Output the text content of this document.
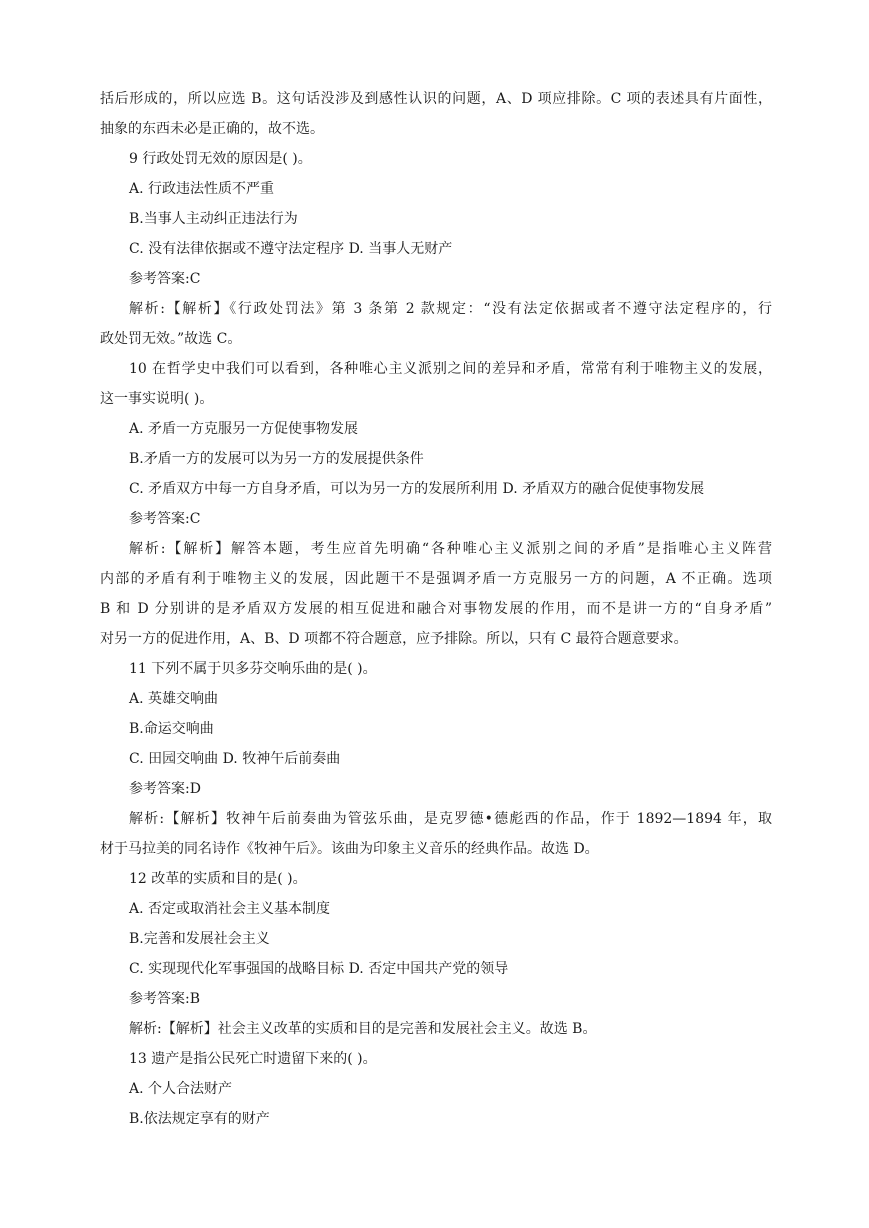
括后形成的，所以应选 B。这句话没涉及到感性认识的问题，A、D 项应排除。C 项的表述具有片面性，
抽象的东西未必是正确的，故不选。
9 行政处罚无效的原因是( )。
A. 行政违法性质不严重
B.当事人主动纠正违法行为
C. 没有法律依据或不遵守法定程序 D. 当事人无财产
参考答案:C
解析:【解析】《行政处罚法》第 3 条第 2 款规定：“没有法定依据或者不遵守法定程序的，行
政处罚无效。”故选 C。
10 在哲学史中我们可以看到，各种唯心主义派别之间的差异和矛盾，常常有利于唯物主义的发展，
这一事实说明( )。
A. 矛盾一方克服另一方促使事物发展
B.矛盾一方的发展可以为另一方的发展提供条件
C. 矛盾双方中每一方自身矛盾，可以为另一方的发展所利用 D. 矛盾双方的融合促使事物发展
参考答案:C
解析:【解析】解答本题，考生应首先明确“各种唯心主义派别之间的矛盾”是指唯心主义阵营
内部的矛盾有利于唯物主义的发展，因此题干不是强调矛盾一方克服另一方的问题，A 不正确。选项
B 和 D 分别讲的是矛盾双方发展的相互促进和融合对事物发展的作用，而不是讲一方的“自身矛盾”
对另一方的促进作用，A、B、D 项都不符合题意，应予排除。所以，只有 C 最符合题意要求。
11 下列不属于贝多芬交响乐曲的是( )。
A. 英雄交响曲
B.命运交响曲
C. 田园交响曲 D. 牧神午后前奏曲
参考答案:D
解析:【解析】牧神午后前奏曲为管弦乐曲，是克罗德•德彪西的作品，作于 1892—1894 年，取
材于马拉美的同名诗作《牧神午后》。该曲为印象主义音乐的经典作品。故选 D。
12 改革的实质和目的是( )。
A. 否定或取消社会主义基本制度
B.完善和发展社会主义
C. 实现现代化军事强国的战略目标 D. 否定中国共产党的领导
参考答案:B
解析:【解析】社会主义改革的实质和目的是完善和发展社会主义。故选 B。
13 遗产是指公民死亡时遗留下来的( )。
A. 个人合法财产
B.依法规定享有的财产
